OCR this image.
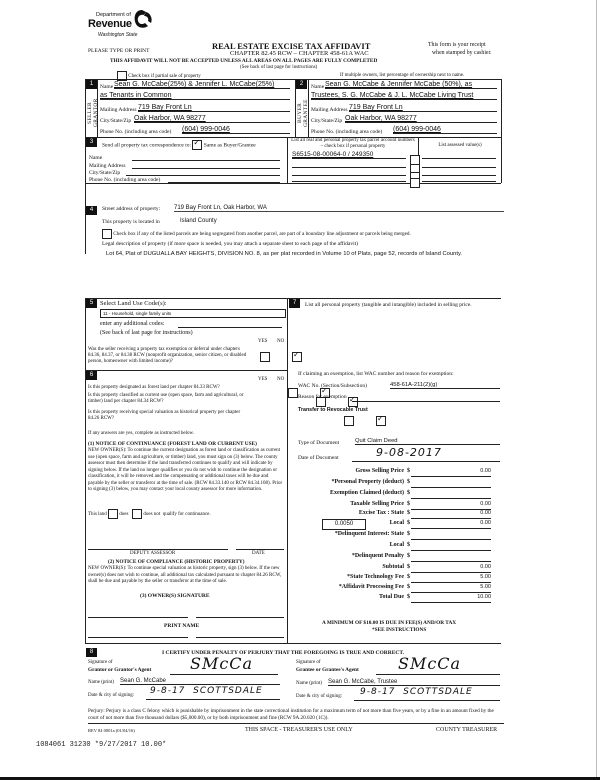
Department of
Revenue
Washington State
PLEASE TYPE OR PRINT	REAL ESTATE EXCISE TAX AFFIDAVIT
CHAPTER 82.45 RCW – CHAPTER 458-61A WAC
THIS AFFIDAVIT WILL NOT BE ACCEPTED UNLESS ALL AREAS ON ALL PAGES ARE FULLY COMPLETED
(See back of last page for instructions)
This form is your receipt
when stamped by cashier.
Check box if partial sale of property	If multiple owners, list percentage of ownership next to name.
1
SELLER GRANTOR
Name Sean G. McCabe(25%) & Jennifer L. McCabe(25%)
as Tenants in Common
Mailing Address 719 Bay Front Ln
City/State/Zip Oak Harbor, WA 98277
Phone No. (including area code) (604) 999-0046
2
BUYER GRANTEE
Name Sean G. McCabe & Jennifer McCabe (50%), as
Trustees, S. G. McCabe & J. L. McCabe Living Trust
Mailing Address 719 Bay Front Ln
City/State/Zip Oak Harbor, WA 98277
Phone No. (including area code) (604) 999-0046
3
Send all property tax correspondence to: ✓ Same as Buyer/Grantee
Name
Mailing Address
City/State/Zip
Phone No. (including area code)
List all real and personal property tax parcel account numbers – check box if personal property	List assessed value(s)
S6515-08-00064-0 / 249350
4	Street address of property: 719 Bay Front Ln, Oak Harbor, WA
This property is located in	Island County
Check box if any of the listed parcels are being segregated from another parcel, are part of a boundary line adjustment or parcels being merged.
Legal description of property (if more space is needed, you may attach a separate sheet to each page of the affidavit)
Lot 64, Plat of DUGUALLA BAY HEIGHTS, DIVISION NO. 8, as per plat recorded in Volume 10 of Plats, page 52, records of Island County.
5	Select Land Use Code(s):
11 - Household, single family units
enter any additional codes:
(See back of last page for instructions)
YES NO
Was the seller receiving a property tax exemption or deferral under chapters 84.36, 84.37, or 84.38 RCW (nonprofit organization, senior citizen, or disabled person, homeowner with limited income)?
✓
6
YES NO
Is this property designated as forest land per chapter 84.33 RCW?
✓
Is this property classified as current use (open space, farm and agricultural, or timber) land per chapter 84.34 RCW?
✓
Is this property receiving special valuation as historical property per chapter 84.26 RCW?
✓
If any answers are yes, complete as instructed below.
(1) NOTICE OF CONTINUANCE (FOREST LAND OR CURRENT USE)
NEW OWNER(S): To continue the current designation as forest land or classification as current use (open space, farm and agriculture, or timber) land, you must sign on (3) below. The county assessor must then determine if the land transferred continues to qualify and will indicate by signing below. If the land no longer qualifies or you do not wish to continue the designation or classification, it will be removed and the compensating or additional taxes will be due and payable by the seller or transferor at the time of sale. (RCW 84.33.140 or RCW 84.34.108). Prior to signing (3) below, you may contact your local county assessor for more information.
This land	does	does not qualify for continuance.
DEPUTY ASSESSOR	DATE
(2) NOTICE OF COMPLIANCE (HISTORIC PROPERTY)
NEW OWNER(S): To continue special valuation as historic property, sign (3) below. If the new owner(s) does not wish to continue, all additional tax calculated pursuant to chapter 84.26 RCW, shall be due and payable by the seller or transferor at the time of sale.
(3) OWNER(S) SIGNATURE
PRINT NAME
7	List all personal property (tangible and intangible) included in selling price.
If claiming an exemption, list WAC number and reason for exemption:
WAC No. (Section/Subsection)	458-61A-211(2)(g)
Reason for exemption
Transfer to Revocable Trust
Type of Document	Quit Claim Deed
Date of Document	9-08-2017
Gross Selling Price $	0.00
*Personal Property (deduct) $
Exemption Claimed (deduct) $
Taxable Selling Price $	0.00
Excise Tax : State $	0.00
0.0050	Local $	0.00
*Delinquent Interest: State $
Local $
*Delinquent Penalty $
Subtotal $	0.00
*State Technology Fee $	5.00
*Affidavit Processing Fee $	5.00
Total Due $	10.00
A MINIMUM OF $10.00 IS DUE IN FEE(S) AND/OR TAX
*SEE INSTRUCTIONS
8	I CERTIFY UNDER PENALTY OF PERJURY THAT THE FOREGOING IS TRUE AND CORRECT.
Signature of
Grantor or Grantor's Agent SMcCa
Name (print) Sean G. McCabe
Date & city of signing: 9-8-17  SCOTTSDALE
Signature of
Grantee or Grantee's Agent SMcCa
Name (print) Sean G. McCabe, Trustee
Date & city of signing: 9-8-17  SCOTTSDALE
Perjury: Perjury is a class C felony which is punishable by imprisonment in the state correctional institution for a maximum term of not more than five years, or by a fine in an amount fixed by the court of not more than five thousand dollars ($5,000.00), or by both imprisonment and fine (RCW 9A.20.020 (1C)).
REV 84 0001a (01/04/16)	THIS SPACE - TREASURER'S USE ONLY	COUNTY TREASURER
1084061 31230 *9/27/2017 10.00*
